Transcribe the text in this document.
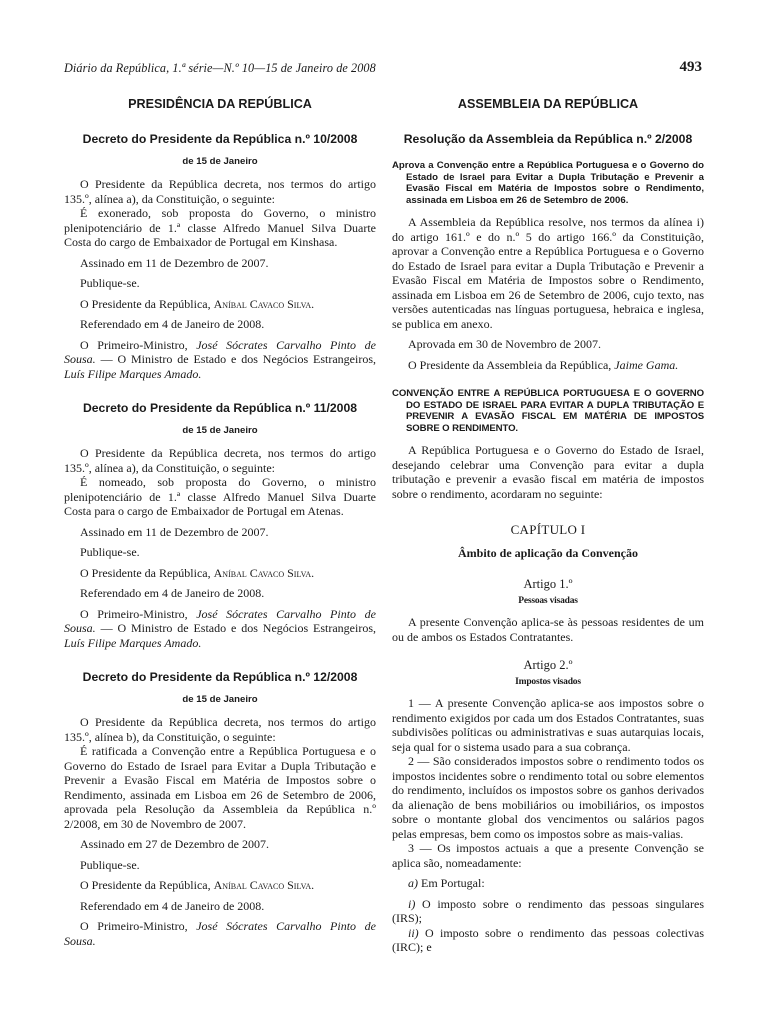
Diário da República, 1.ª série—N.º 10—15 de Janeiro de 2008	493
PRESIDÊNCIA DA REPÚBLICA
Decreto do Presidente da República n.º 10/2008
de 15 de Janeiro

O Presidente da República decreta, nos termos do artigo 135.º, alínea a), da Constituição, o seguinte:

É exonerado, sob proposta do Governo, o ministro plenipotenciário de 1.ª classe Alfredo Manuel Silva Duarte Costa do cargo de Embaixador de Portugal em Kinshasa.

Assinado em 11 de Dezembro de 2007.

Publique-se.

O Presidente da República, Aníbal Cavaco Silva.

Referendado em 4 de Janeiro de 2008.

O Primeiro-Ministro, José Sócrates Carvalho Pinto de Sousa. — O Ministro de Estado e dos Negócios Estrangeiros, Luís Filipe Marques Amado.

Decreto do Presidente da República n.º 11/2008
de 15 de Janeiro

O Presidente da República decreta, nos termos do artigo 135.º, alínea a), da Constituição, o seguinte:

É nomeado, sob proposta do Governo, o ministro plenipotenciário de 1.ª classe Alfredo Manuel Silva Duarte Costa para o cargo de Embaixador de Portugal em Atenas.

Assinado em 11 de Dezembro de 2007.

Publique-se.

O Presidente da República, Aníbal Cavaco Silva.

Referendado em 4 de Janeiro de 2008.

O Primeiro-Ministro, José Sócrates Carvalho Pinto de Sousa. — O Ministro de Estado e dos Negócios Estrangeiros, Luís Filipe Marques Amado.

Decreto do Presidente da República n.º 12/2008
de 15 de Janeiro

O Presidente da República decreta, nos termos do artigo 135.º, alínea b), da Constituição, o seguinte:

É ratificada a Convenção entre a República Portuguesa e o Governo do Estado de Israel para Evitar a Dupla Tributação e Prevenir a Evasão Fiscal em Matéria de Impostos sobre o Rendimento, assinada em Lisboa em 26 de Setembro de 2006, aprovada pela Resolução da Assembleia da República n.º 2/2008, em 30 de Novembro de 2007.

Assinado em 27 de Dezembro de 2007.

Publique-se.

O Presidente da República, Aníbal Cavaco Silva.

Referendado em 4 de Janeiro de 2008.

O Primeiro-Ministro, José Sócrates Carvalho Pinto de Sousa.

ASSEMBLEIA DA REPÚBLICA
Resolução da Assembleia da República n.º 2/2008
Aprova a Convenção entre a República Portuguesa e o Governo do Estado de Israel para Evitar a Dupla Tributação e Prevenir a Evasão Fiscal em Matéria de Impostos sobre o Rendimento, assinada em Lisboa em 26 de Setembro de 2006.

A Assembleia da República resolve, nos termos da alínea i) do artigo 161.º e do n.º 5 do artigo 166.º da Constituição, aprovar a Convenção entre a República Portuguesa e o Governo do Estado de Israel para evitar a Dupla Tributação e Prevenir a Evasão Fiscal em Matéria de Impostos sobre o Rendimento, assinada em Lisboa em 26 de Setembro de 2006, cujo texto, nas versões autenticadas nas línguas portuguesa, hebraica e inglesa, se publica em anexo.

Aprovada em 30 de Novembro de 2007.

O Presidente da Assembleia da República, Jaime Gama.

CONVENÇÃO ENTRE A REPÚBLICA PORTUGUESA E O GOVERNO DO ESTADO DE ISRAEL PARA EVITAR A DUPLA TRIBUTAÇÃO E PREVENIR A EVASÃO FISCAL EM MATÉRIA DE IMPOSTOS SOBRE O RENDIMENTO.

A República Portuguesa e o Governo do Estado de Israel, desejando celebrar uma Convenção para evitar a dupla tributação e prevenir a evasão fiscal em matéria de impostos sobre o rendimento, acordaram no seguinte:

CAPÍTULO I
Âmbito de aplicação da Convenção
Artigo 1.º
Pessoas visadas

A presente Convenção aplica-se às pessoas residentes de um ou de ambos os Estados Contratantes.

Artigo 2.º
Impostos visados

1 — A presente Convenção aplica-se aos impostos sobre o rendimento exigidos por cada um dos Estados Contratantes, suas subdivisões políticas ou administrativas e suas autarquias locais, seja qual for o sistema usado para a sua cobrança.

2 — São considerados impostos sobre o rendimento todos os impostos incidentes sobre o rendimento total ou sobre elementos do rendimento, incluídos os impostos sobre os ganhos derivados da alienação de bens mobiliários ou imobiliários, os impostos sobre o montante global dos vencimentos ou salários pagos pelas empresas, bem como os impostos sobre as mais-valias.

3 — Os impostos actuais a que a presente Convenção se aplica são, nomeadamente:

a) Em Portugal:

i) O imposto sobre o rendimento das pessoas singulares (IRS);

ii) O imposto sobre o rendimento das pessoas colectivas (IRC); e
